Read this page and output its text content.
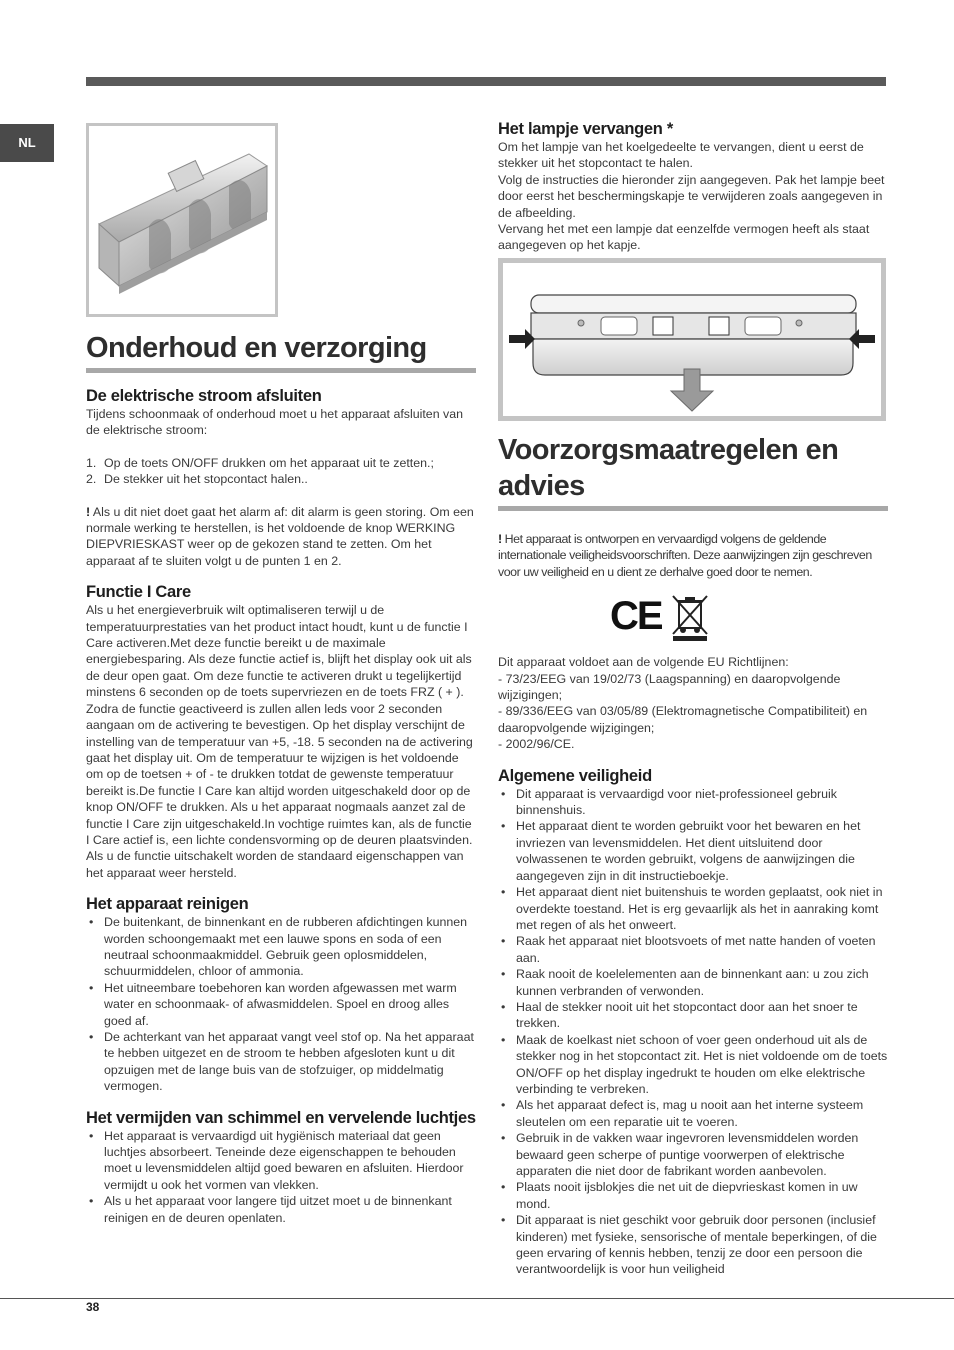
NL
Onderhoud en verzorging
De elektrische stroom afsluiten

Tijdens schoonmaak of onderhoud moet u het apparaat afsluiten van de elektrische stroom:

1. Op de toets ON/OFF drukken om het apparaat uit te zetten.;
2. De stekker uit het stopcontact halen..

! Als u dit niet doet gaat het alarm af: dit alarm is geen storing. Om een normale werking te herstellen, is het voldoende de knop WERKING DIEPVRIESKAST weer op de gekozen stand te zetten. Om het apparaat af te sluiten volgt u de punten 1 en 2.

Functie I Care

Als u het energieverbruik wilt optimaliseren terwijl u de temperatuurprestaties van het product intact houdt, kunt u de functie I Care activeren.Met deze functie bereikt u de maximale energiebesparing. Als deze functie actief is, blijft het display ook uit als de deur open gaat. Om deze functie te activeren drukt u tegelijkertijd minstens 6 seconden op de toets supervriezen en de toets FRZ ( + ). Zodra de functie geactiveerd is zullen allen leds voor 2 seconden aangaan om de activering te bevestigen. Op het display verschijnt de instelling van de temperatuur van +5, -18. 5 seconden na de activering gaat het display uit. Om de temperatuur te wijzigen is het voldoende om op de toetsen + of - te drukken totdat de gewenste temperatuur bereikt is.De functie I Care kan altijd worden uitgeschakeld door op de knop ON/OFF te drukken. Als u het apparaat nogmaals aanzet zal de functie I Care zijn uitgeschakeld.In vochtige ruimtes kan, als de functie I Care actief is, een lichte condensvorming op de deuren plaatsvinden. Als u de functie uitschakelt worden de standaard eigenschappen van het apparaat weer hersteld.

Het apparaat reinigen
• De buitenkant, de binnenkant en de rubberen afdichtingen kunnen worden schoongemaakt met een lauwe spons en soda of een neutraal schoonmaakmiddel. Gebruik geen oplosmiddelen, schuurmiddelen, chloor of ammonia.
• Het uitneembare toebehoren kan worden afgewassen met warm water en schoonmaak- of afwasmiddelen. Spoel en droog alles goed af.
• De achterkant van het apparaat vangt veel stof op. Na het apparaat te hebben uitgezet en de stroom te hebben afgesloten kunt u dit opzuigen met de lange buis van de stofzuiger, op middelmatig vermogen.
Het vermijden van schimmel en vervelende luchtjes
• Het apparaat is vervaardigd uit hygiënisch materiaal dat geen luchtjes absorbeert. Teneinde deze eigenschappen te behouden moet u levensmiddelen altijd goed bewaren en afsluiten. Hierdoor vermijdt u ook het vormen van vlekken.
• Als u het apparaat voor langere tijd uitzet moet u de binnenkant reinigen en de deuren openlaten.
Het lampje vervangen *

Om het lampje van het koelgedeelte te vervangen, dient u eerst de stekker uit het stopcontact te halen.

Volg de instructies die hieronder zijn aangegeven. Pak het lampje beet door eerst het beschermingskapje te verwijderen zoals aangegeven in de afbeelding.

Vervang het met een lampje dat eenzelfde vermogen heeft als staat aangegeven op het kapje.

Voorzorgsmaatregelen en advies

! Het apparaat is ontworpen en vervaardigd volgens de geldende internationale veiligheidsvoorschriften. Deze aanwijzingen zijn geschreven voor uw veiligheid en u dient ze derhalve goed door te nemen.

CE

Dit apparaat voldoet aan de volgende EU Richtlijnen:

- 73/23/EEG van 19/02/73 (Laagspanning) en daaropvolgende wijzigingen;

- 89/336/EEG van 03/05/89 (Elektromagnetische Compatibiliteit) en daaropvolgende wijzigingen;

- 2002/96/CE.

Algemene veiligheid
• Dit apparaat is vervaardigd voor niet-professioneel gebruik binnenshuis.
• Het apparaat dient te worden gebruikt voor het bewaren en het invriezen van levensmiddelen. Het dient uitsluitend door volwassenen te worden gebruikt, volgens de aanwijzingen die aangegeven zijn in dit instructieboekje.
• Het apparaat dient niet buitenshuis te worden geplaatst, ook niet in overdekte toestand. Het is erg gevaarlijk als het in aanraking komt met regen of als het onweert.
• Raak het apparaat niet blootsvoets of met natte handen of voeten aan.
• Raak nooit de koelelementen aan de binnenkant aan: u zou zich kunnen verbranden of verwonden.
• Haal de stekker nooit uit het stopcontact door aan het snoer te trekken.
• Maak de koelkast niet schoon of voer geen onderhoud uit als de stekker nog in het stopcontact zit. Het is niet voldoende om de toets ON/OFF op het display ingedrukt te houden om elke elektrische verbinding te verbreken.
• Als het apparaat defect is, mag u nooit aan het interne systeem sleutelen om een reparatie uit te voeren.
• Gebruik in de vakken waar ingevroren levensmiddelen worden bewaard geen scherpe of puntige voorwerpen of elektrische apparaten die niet door de fabrikant worden aanbevolen.
• Plaats nooit ijsblokjes die net uit de diepvrieskast komen in uw mond.
• Dit apparaat is niet geschikt voor gebruik door personen (inclusief kinderen) met fysieke, sensorische of mentale beperkingen, of die geen ervaring of kennis hebben, tenzij ze door een persoon die verantwoordelijk is voor hun veiligheid
38
